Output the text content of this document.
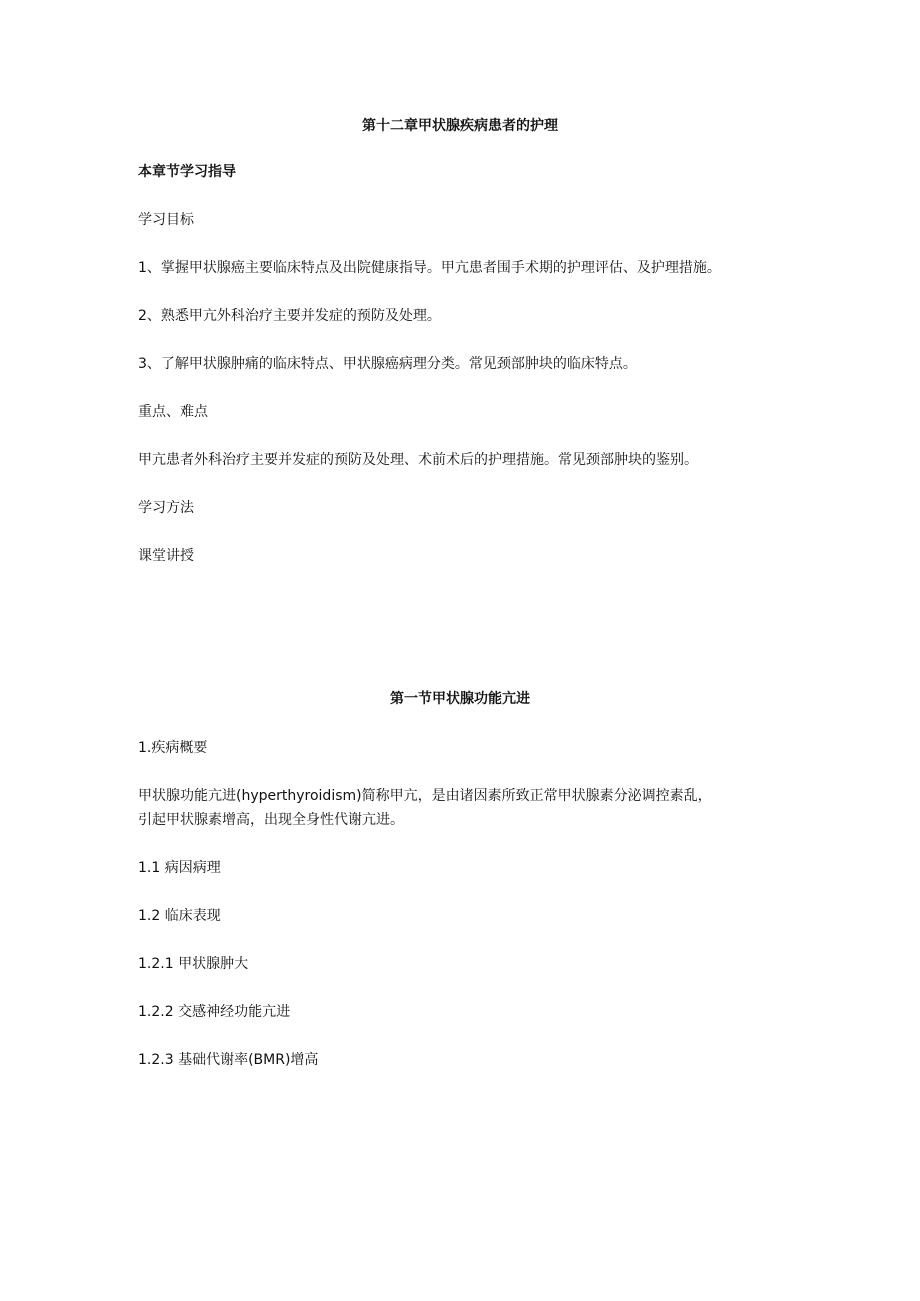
第十二章甲状腺疾病患者的护理
本章节学习指导
学习目标
1、掌握甲状腺癌主要临床特点及出院健康指导。甲亢患者围手术期的护理评估、及护理措施。
2、熟悉甲亢外科治疗主要并发症的预防及处理。
3、了解甲状腺肿痛的临床特点、甲状腺癌病理分类。常见颈部肿块的临床特点。
重点、难点
甲亢患者外科治疗主要并发症的预防及处理、术前术后的护理措施。常见颈部肿块的鉴别。
学习方法
课堂讲授
第一节甲状腺功能亢进
1.疾病概要
甲状腺功能亢进(hyperthyroidism)简称甲亢，是由诸因素所致正常甲状腺素分泌调控素乱，
引起甲状腺素增高，出现全身性代谢亢进。
1.1 病因病理
1.2 临床表现
1.2.1 甲状腺肿大
1.2.2 交感神经功能亢进
1.2.3 基础代谢率(BMR)增高
